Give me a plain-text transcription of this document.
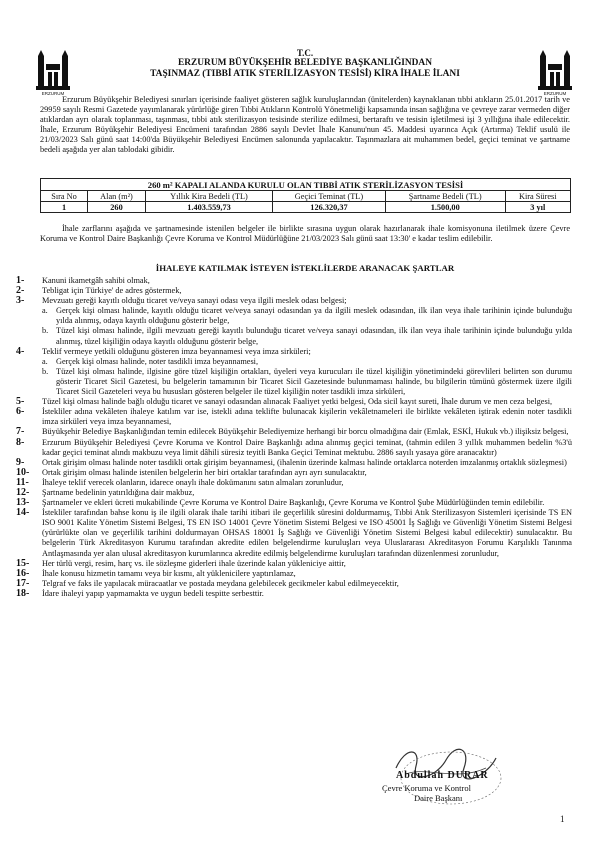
ERZURUM	ERZURUM
T.C.
ERZURUM BÜYÜKŞEHİR BELEDİYE BAŞKANLIĞINDAN
TAŞINMAZ (TIBBİ ATIK STERİLİZASYON TESİSİ) KİRA İHALE İLANI
Erzurum Büyükşehir Belediyesi sınırları içerisinde faaliyet gösteren sağlık kuruluşlarından (ünitelerden) kaynaklanan tıbbi atıkların 25.01.2017 tarih ve 29959 sayılı Resmi Gazetede yayımlanarak yürürlüğe giren Tıbbi Atıkların Kontrolü Yönetmeliği kapsamında insan sağlığına ve çevreye zarar vermeden diğer atıklardan ayrı olarak toplanması, taşınması, tıbbi atık sterilizasyon tesisinde sterilize edilmesi, bertaraftı ve tesisin işletilmesi işi 3 yıllığına ihale edilecektir. İhale, Erzurum Büyükşehir Belediyesi Encümeni tarafından 2886 sayılı Devlet İhale Kanunu'nun 45. Maddesi uyarınca Açık (Artırma) Teklif usulü ile 21/03/2023 Salı günü saat 14:00'da Büyükşehir Belediyesi Encümen salonunda yapılacaktır. Taşınmazlara ait muhammen bedel, geçici teminat ve şartname bedeli aşağıda yer alan tablodaki gibidir.
260 m² KAPALI ALANDA KURULU OLAN TIBBİ ATIK STERİLİZASYON TESİSİ					
Sıra No	Alan (m²)	Yıllık Kira Bedeli (TL)	Geçici Teminat (TL)	Şartname Bedeli (TL)	Kira Süresi
1	260	1.403.559,73	126.320,37	1.500,00	3 yıl
İhale zarflarını aşağıda ve şartnamesinde istenilen belgeler ile birlikte sırasına uygun olarak hazırlanarak ihale komisyonuna iletilmek üzere Çevre Koruma ve Kontrol Daire Başkanlığı Çevre Koruma ve Kontrol Müdürlüğüne 21/03/2023 Salı günü saat 13:30' e kadar teslim edilebilir.
İHALEYE KATILMAK İSTEYEN İSTEKLİLERDE ARANACAK ŞARTLAR
1- Kanuni ikametgâh sahibi olmak,
2- Tebligat için Türkiye' de adres göstermek,
3- Mevzuatı gereği kayıtlı olduğu ticaret ve/veya sanayi odası veya ilgili meslek odası belgesi;
a. Gerçek kişi olması halinde, kayıtlı olduğu ticaret ve/veya sanayi odasından ya da ilgili meslek odasından, ilk ilan veya ihale tarihinin içinde bulunduğu yılda alınmış, odaya kayıtlı olduğunu gösterir belge,
b. Tüzel kişi olması halinde, ilgili mevzuatı gereği kayıtlı bulunduğu ticaret ve/veya sanayi odasından, ilk ilan veya ihale tarihinin içinde bulunduğu yılda alınmış, tüzel kişiliğin odaya kayıtlı olduğunu gösterir belge,
4- Teklif vermeye yetkili olduğunu gösteren imza beyannamesi veya imza sirküleri;
a. Gerçek kişi olması halinde, noter tasdikli imza beyannamesi,
b. Tüzel kişi olması halinde, ilgisine göre tüzel kişiliğin ortakları, üyeleri veya kurucuları ile tüzel kişiliğin yönetimindeki görevlileri belirten son durumu gösterir Ticaret Sicil Gazetesi, bu belgelerin tamamının bir Ticaret Sicil Gazetesinde bulunmaması halinde, bu bilgilerin tümünü göstermek üzere ilgili Ticaret Sicil Gazeteleri veya bu hususları gösteren belgeler ile tüzel kişiliğin noter tasdikli imza sirküleri,
5- Tüzel kişi olması halinde bağlı olduğu ticaret ve sanayi odasından alınacak Faaliyet yetki belgesi, Oda sicil kayıt sureti, İhale durum ve men ceza belgesi,
6- İstekliler adına vekâleten ihaleye katılım var ise, istekli adına teklifte bulunacak kişilerin vekâletnameleri ile birlikte vekâleten iştirak edenin noter tasdikli imza sirküleri veya imza beyannamesi,
7- Büyükşehir Belediye Başkanlığından temin edilecek Büyükşehir Belediyemize herhangi bir borcu olmadığına dair (Emlak, ESKİ, Hukuk vb.) ilişiksiz belgesi,
8- Erzurum Büyükşehir Belediyesi Çevre Koruma ve Kontrol Daire Başkanlığı adına alınmış geçici teminat, (tahmin edilen 3 yıllık muhammen bedelin %3'ü kadar geçici teminat alındı makbuzu veya limit dâhili süresiz teyitli Banka Geçici Teminat mektubu. 2886 sayılı yasaya göre aranacaktır)
9- Ortak girişim olması halinde noter tasdikli ortak girişim beyannamesi, (ihalenin üzerinde kalması halinde ortaklarca noterden imzalanmış ortaklık sözleşmesi)
10- Ortak girişim olması halinde istenilen belgelerin her biri ortaklar tarafından ayrı ayrı sunulacaktır,
11- İhaleye teklif verecek olanların, idarece onaylı ihale dokümanını satın almaları zorunludur,
12- Şartname bedelinin yatırıldığına dair makbuz,
13- Şartnameler ve ekleri ücreti mukabilinde Çevre Koruma ve Kontrol Daire Başkanlığı, Çevre Koruma ve Kontrol Şube Müdürlüğünden temin edilebilir.
14- İstekliler tarafından bahse konu iş ile ilgili olarak ihale tarihi itibari ile geçerlilik süresini doldurmamış, Tıbbi Atık Sterilizasyon Sistemleri içerisinde TS EN ISO 9001 Kalite Yönetim Sistemi Belgesi, TS EN ISO 14001 Çevre Yönetim Sistemi Belgesi ve ISO 45001 İş Sağlığı ve Güvenliği Yönetim Sistemi Belgesi (yürürlükte olan ve geçerlilik tarihini doldurmayan OHSAS 18001 İş Sağlığı ve Güvenliği Yönetim Sistemi Belgesi kabul edilecektir) sunulacaktır. Bu belgelerin Türk Akreditasyon Kurumu tarafından akredite edilen belgelendirme kuruluşları veya Uluslararası Akreditasyon Forumu Karşılıklı Tanınma Antlaşmasında yer alan ulusal akreditasyon kurumlarınca akredite edilmiş belgelendirme kuruluşları tarafından düzenlenmesi zorunludur,
15- Her türlü vergi, resim, harç vs. ile sözleşme giderleri ihale üzerinde kalan yükleniciye aittir,
16- İhale konusu hizmetin tamamı veya bir kısmı, alt yüklenicilere yaptırılamaz,
17- Telgraf ve faks ile yapılacak müracaatlar ve postada meydana gelebilecek gecikmeler kabul edilmeyecektir,
18- İdare ihaleyi yapıp yapmamakta ve uygun bedeli tespitte serbesttir.
Abdullah DURAR
Çevre Koruma ve Kontrol
Daire Başkanı
1
